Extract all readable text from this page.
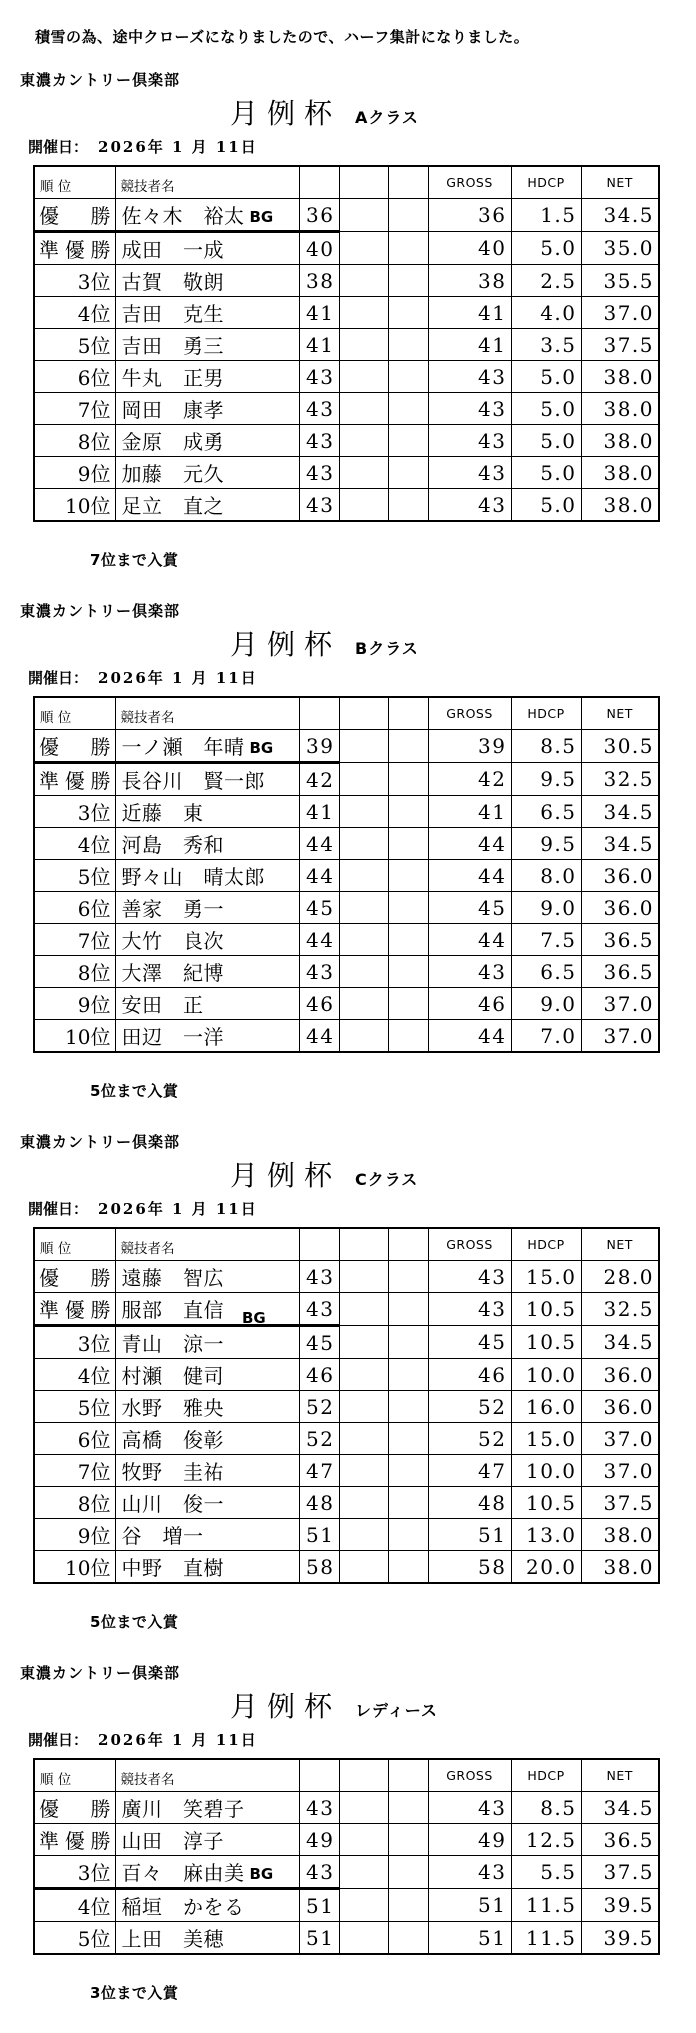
積雪の為、途中クローズになりましたので、ハーフ集計になりました。
東濃カントリー倶楽部
月例杯 Aクラス
開催日： 2026年 1 月 11日
順 位	競技者名				GROSS	HDCP	NET
優　勝	佐々木　裕太 BG	36			36	1.5	34.5
準優勝	成田　一成	40			40	5.0	35.0
3位	古賀　敬朗	38			38	2.5	35.5
4位	吉田　克生	41			41	4.0	37.0
5位	吉田　勇三	41			41	3.5	37.5
6位	牛丸　正男	43			43	5.0	38.0
7位	岡田　康孝	43			43	5.0	38.0
8位	金原　成勇	43			43	5.0	38.0
9位	加藤　元久	43			43	5.0	38.0
10位	足立　直之	43			43	5.0	38.0
7位まで入賞
東濃カントリー倶楽部
月例杯 Bクラス
開催日： 2026年 1 月 11日
順 位	競技者名				GROSS	HDCP	NET
優　勝	一ノ瀬　年晴 BG	39			39	8.5	30.5
準優勝	長谷川　賢一郎	42			42	9.5	32.5
3位	近藤　東	41			41	6.5	34.5
4位	河島　秀和	44			44	9.5	34.5
5位	野々山　晴太郎	44			44	8.0	36.0
6位	善家　勇一	45			45	9.0	36.0
7位	大竹　良次	44			44	7.5	36.5
8位	大澤　紀博	43			43	6.5	36.5
9位	安田　正	46			46	9.0	37.0
10位	田辺　一洋	44			44	7.0	37.0
5位まで入賞
東濃カントリー倶楽部
月例杯 Cクラス
開催日： 2026年 1 月 11日
順 位	競技者名				GROSS	HDCP	NET
優　勝	遠藤　智広	43			43	15.0	28.0
準優勝	服部　直信 BG	43			43	10.5	32.5
3位	青山　涼一	45			45	10.5	34.5
4位	村瀬　健司	46			46	10.0	36.0
5位	水野　雅央	52			52	16.0	36.0
6位	高橋　俊彰	52			52	15.0	37.0
7位	牧野　圭祐	47			47	10.0	37.0
8位	山川　俊一	48			48	10.5	37.5
9位	谷　増一	51			51	13.0	38.0
10位	中野　直樹	58			58	20.0	38.0
5位まで入賞
東濃カントリー倶楽部
月例杯 レディース
開催日： 2026年 1 月 11日
順 位	競技者名				GROSS	HDCP	NET
優　勝	廣川　笑碧子	43			43	8.5	34.5
準優勝	山田　淳子	49			49	12.5	36.5
3位	百々　麻由美 BG	43			43	5.5	37.5
4位	稲垣　かをる	51			51	11.5	39.5
5位	上田　美穂	51			51	11.5	39.5
3位まで入賞
